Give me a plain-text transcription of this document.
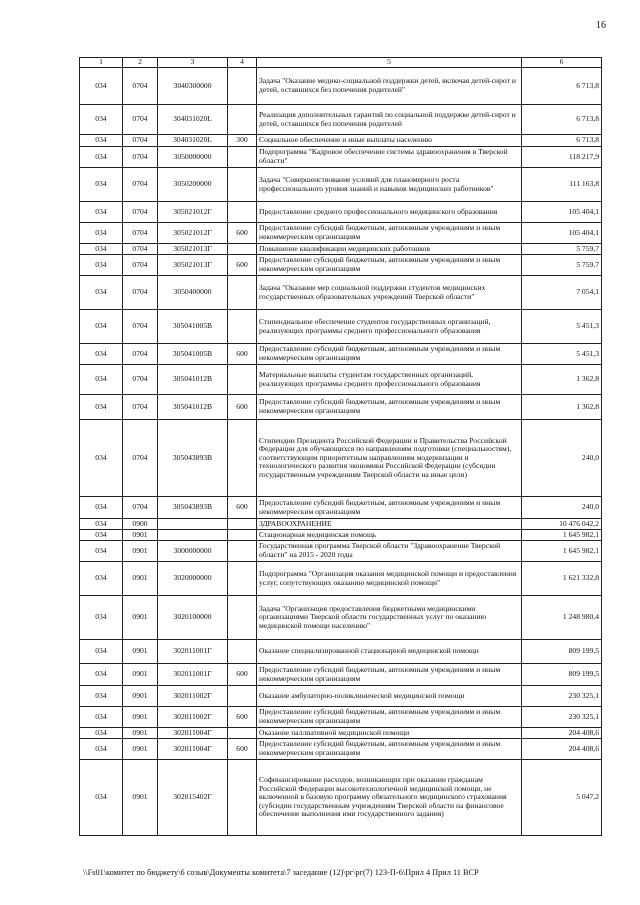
16
1	2	3	4	5	6
034	0704	3040300000		Задача "Оказание медико-социальной поддержки детей, включая детей-сирот и детей, оставшихся без попечения родителей"	6 713,8
034	0704	304031020L		Реализация дополнительных гарантий по социальной поддержке детей-сирот и детей, оставшихся без попечения родителей	6 713,8
034	0704	304031020L	300	Социальное обеспечение и иные выплаты населению	6 713,8
034	0704	3050000000		Подпрограмма "Кадровое обеспечение системы здравоохранения в Тверской области"	118 217,9
034	0704	3050200000		Задача "Совершенствование условий для планомерного роста профессионального уровня знаний и навыков медицинских работников"	111 163,8
034	0704	305021012Г		Предоставление среднего профессионального медицинского образования	105 404,1
034	0704	305021012Г	600	Предоставление субсидий бюджетным, автономным учреждениям и иным некоммерческим организациям	105 404,1
034	0704	305021013Г		Повышение квалификации медицинских работников	5 759,7
034	0704	305021013Г	600	Предоставление субсидий бюджетным, автономным учреждениям и иным некоммерческим организациям	5 759,7
034	0704	3050400000		Задача "Оказание мер социальной поддержки студентов медицинских государственных образовательных учреждений Тверской области"	7 054,1
034	0704	305041005В		Стипендиальное обеспечение студентов государственных организаций, реализующих программы среднего профессионального образования	5 451,3
034	0704	305041005В	600	Предоставление субсидий бюджетным, автономным учреждениям и иным некоммерческим организациям	5 451,3
034	0704	305041012В		Материальные выплаты студентам государственных организаций, реализующих программы среднего профессионального образования	1 362,8
034	0704	305041012В	600	Предоставление субсидий бюджетным, автономным учреждениям и иным некоммерческим организациям	1 362,8
034	0704	305043893В		Стипендии Президента Российской Федерации и Правительства Российской Федерации для обучающихся по направлениям подготовки (специальностям), соответствующим приоритетным направлениям модернизации и технологического развития экономики Российской Федерации (субсидии государственным учреждениям Тверской области на иные цели)	240,0
034	0704	305043893В	600	Предоставление субсидий бюджетным, автономным учреждениям и иным некоммерческим организациям	240,0
034	0900			ЗДРАВООХРАНЕНИЕ	10 476 042,2
034	0901			Стационарная медицинская помощь	1 645 982,1
034	0901	3000000000		Государственная программа Тверской области "Здравоохранение Тверской области" на 2015 - 2020 годы	1 645 982,1
034	0901	3020000000		Подпрограмма "Организация оказания медицинской помощи и предоставления услуг, сопутствующих оказанию медицинской помощи"	1 621 332,8
034	0901	3020100000		Задача "Организация предоставления бюджетными медицинскими организациями Тверской области государственных услуг по оказанию медицинской помощи населению"	1 248 980,4
034	0901	302011001Г		Оказание специализированной стационарной медицинской помощи	809 199,5
034	0901	302011001Г	600	Предоставление субсидий бюджетным, автономным учреждениям и иным некоммерческим организациям	809 199,5
034	0901	302011002Г		Оказание амбулаторно-поликлинической медицинской помощи	230 325,1
034	0901	302011002Г	600	Предоставление субсидий бюджетным, автономным учреждениям и иным некоммерческим организациям	230 325,1
034	0901	302011004Г		Оказание паллиативной медицинской помощи	204 408,6
034	0901	302011004Г	600	Предоставление субсидий бюджетным, автономным учреждениям и иным некоммерческим организациям	204 408,6
034	0901	302015402Г		Софинансирование расходов, возникающих при оказании гражданам Российской Федерации высокотехнологичной медицинской помощи, не включенной в базовую программу обязательного медицинского страхования (субсидии государственным учреждениям Тверской области на финансовое обеспечение выполнения ими государственного задания)	5 047,2
\\Fs01\комитет по бюджету\6 созыв\Документы комитета\7 заседание (12)\рг\рг(7) 123-П-6\Прил 4 Прил 11 ВСР
